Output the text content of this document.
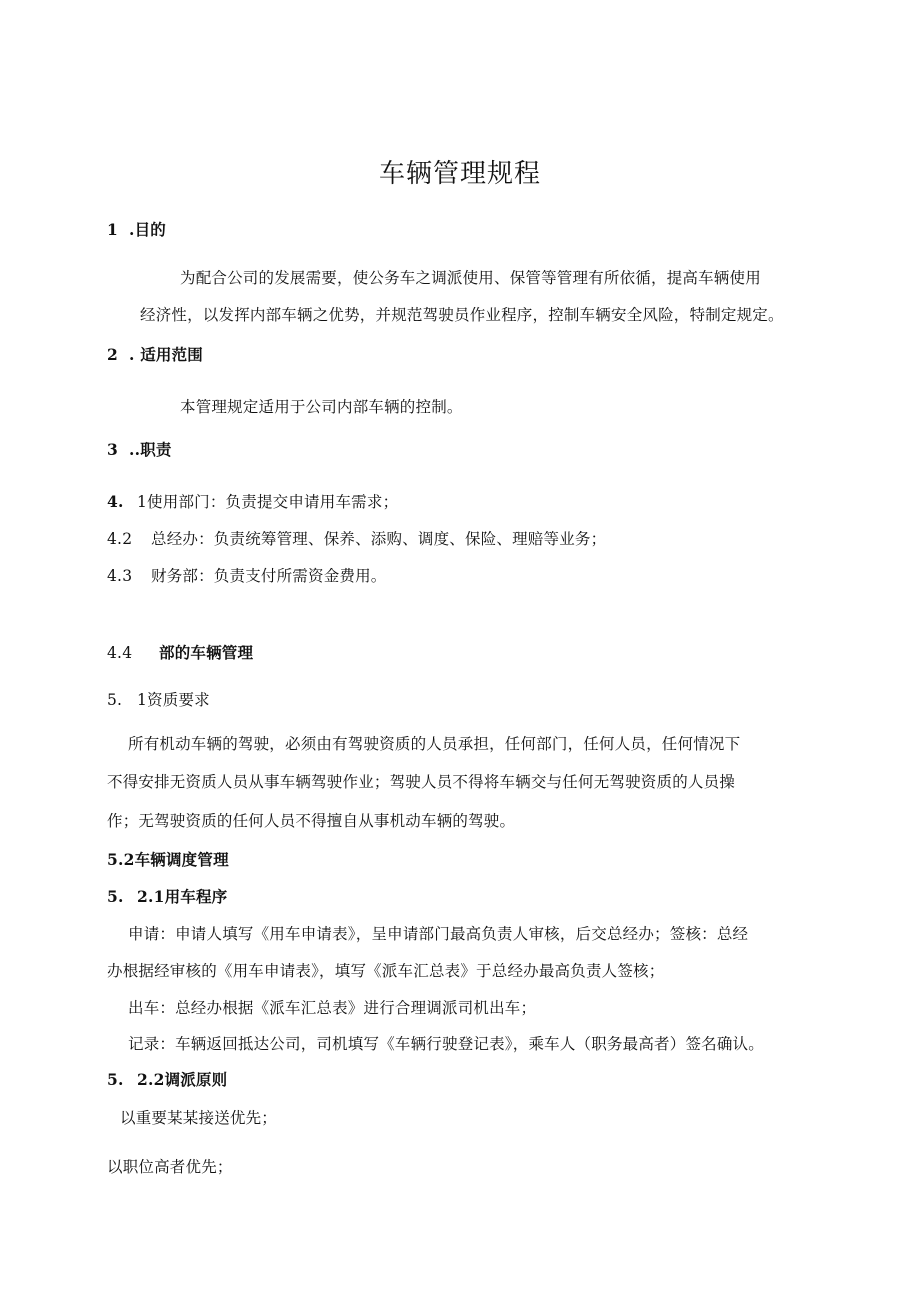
车辆管理规程
1 .目的
为配合公司的发展需要，使公务车之调派使用、保管等管理有所依循，提高车辆使用
经济性，以发挥内部车辆之优势，并规范驾驶员作业程序，控制车辆安全风险，特制定规定。
2 . 适用范围
本管理规定适用于公司内部车辆的控制。
3 ..职责
4. 1使用部门：负责提交申请用车需求；
4.2 总经办：负责统筹管理、保养、添购、调度、保险、理赔等业务；
4.3 财务部：负责支付所需资金费用。
4.4 部的车辆管理
5. 1资质要求
所有机动车辆的驾驶，必须由有驾驶资质的人员承担，任何部门，任何人员，任何情况下
不得安排无资质人员从事车辆驾驶作业；驾驶人员不得将车辆交与任何无驾驶资质的人员操
作；无驾驶资质的任何人员不得擅自从事机动车辆的驾驶。
5.2车辆调度管理
5. 2.1用车程序
申请：申请人填写《用车申请表》，呈申请部门最高负责人审核，后交总经办；签核：总经
办根据经审核的《用车申请表》，填写《派车汇总表》于总经办最高负责人签核；
出车：总经办根据《派车汇总表》进行合理调派司机出车；
记录：车辆返回抵达公司，司机填写《车辆行驶登记表》，乘车人（职务最高者）签名确认。
5. 2.2调派原则
以重要某某接送优先；
以职位高者优先；
